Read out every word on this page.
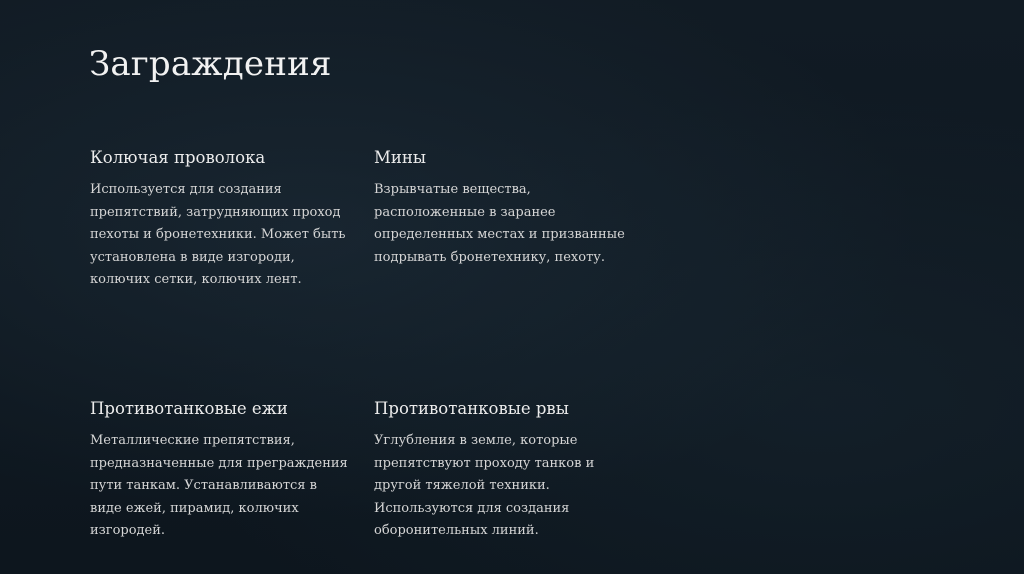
Заграждения
Колючая проволока

Используется для создания препятствий, затрудняющих проход пехоты и бронетехники. Может быть установлена в виде изгороди, колючих сетки, колючих лент.

Мины

Взрывчатые вещества, расположенные в заранее определенных местах и призванные подрывать бронетехнику, пехоту.

Противотанковые ежи

Металлические препятствия, предназначенные для преграждения пути танкам. Устанавливаются в виде ежей, пирамид, колючих изгородей.

Противотанковые рвы

Углубления в земле, которые препятствуют проходу танков и другой тяжелой техники. Используются для создания оборонительных линий.
